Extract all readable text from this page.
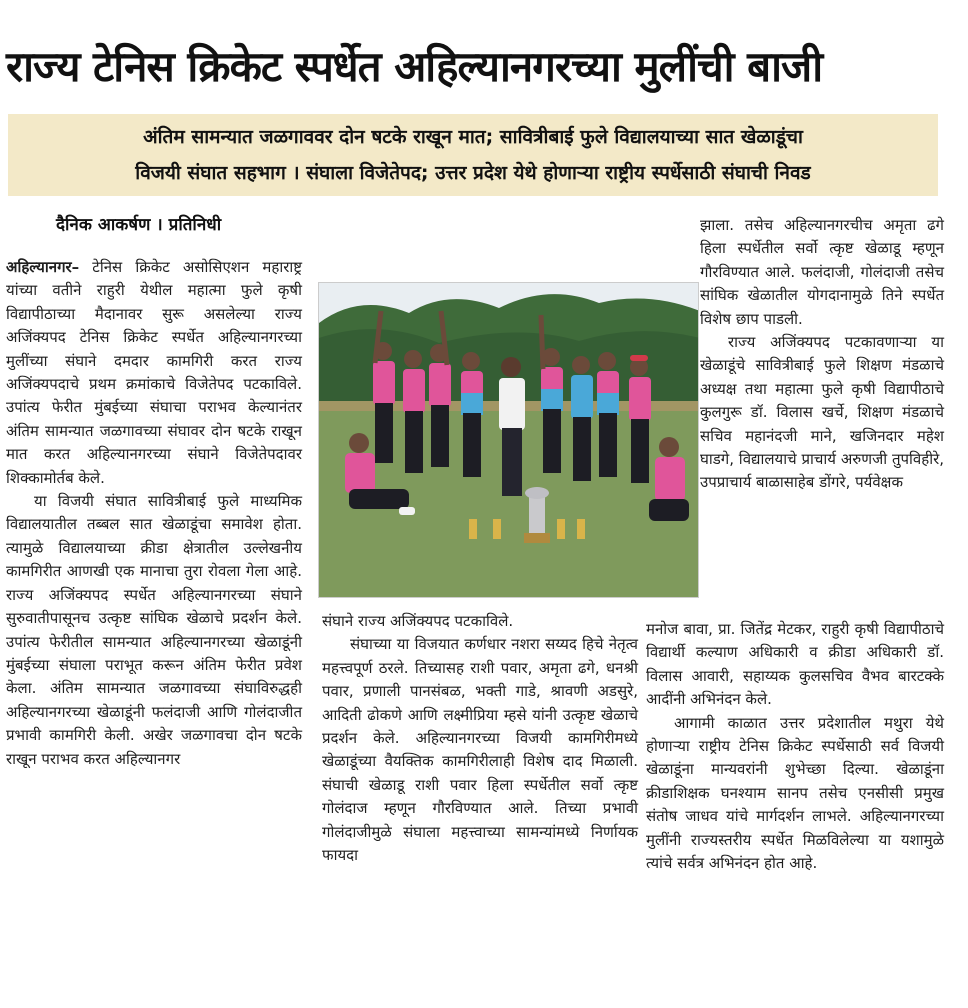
राज्य टेनिस क्रिकेट स्पर्धेत अहिल्यानगरच्या मुलींची बाजी
अंतिम सामन्यात जळगाववर दोन षटके राखून मात; सावित्रीबाई फुले विद्यालयाच्या सात खेळाडूंचा
विजयी संघात सहभाग । संघाला विजेतेपद; उत्तर प्रदेश येथे होणाऱ्या राष्ट्रीय स्पर्धेसाठी संघाची निवड
दैनिक आकर्षण । प्रतिनिधी

अहिल्यानगर– टेनिस क्रिकेट असोसिएशन महाराष्ट्र यांच्या वतीने राहुरी येथील महात्मा फुले कृषी विद्यापीठाच्या मैदानावर सुरू असलेल्या राज्य अजिंक्यपद टेनिस क्रिकेट स्पर्धेत अहिल्यानगरच्या मुलींच्या संघाने दमदार कामगिरी करत राज्य अजिंक्यपदाचे प्रथम क्रमांकाचे विजेतेपद पटकाविले. उपांत्य फेरीत मुंबईच्या संघाचा पराभव केल्यानंतर अंतिम सामन्यात जळगावच्या संघावर दोन षटके राखून मात करत अहिल्यानगरच्या संघाने विजेतेपदावर शिक्कामोर्तब केले.

या विजयी संघात सावित्रीबाई फुले माध्यमिक विद्यालयातील तब्बल सात खेळाडूंचा समावेश होता. त्यामुळे विद्यालयाच्या क्रीडा क्षेत्रातील उल्लेखनीय कामगिरीत आणखी एक मानाचा तुरा रोवला गेला आहे. राज्य अजिंक्यपद स्पर्धेत अहिल्यानगरच्या संघाने सुरुवातीपासूनच उत्कृष्ट सांघिक खेळाचे प्रदर्शन केले. उपांत्य फेरीतील सामन्यात अहिल्यानगरच्या खेळाडूंनी मुंबईच्या संघाला पराभूत करून अंतिम फेरीत प्रवेश केला. अंतिम सामन्यात जळगावच्या संघाविरुद्धही अहिल्यानगरच्या खेळाडूंनी फलंदाजी आणि गोलंदाजीत प्रभावी कामगिरी केली. अखेर जळगावचा दोन षटके राखून पराभव करत अहिल्यानगर

संघाने राज्य अजिंक्यपद पटकाविले.

संघाच्या या विजयात कर्णधार नशरा सय्यद हिचे नेतृत्व महत्त्वपूर्ण ठरले. तिच्यासह राशी पवार, अमृता ढगे, धनश्री पवार, प्रणाली पानसंबळ, भक्ती गाडे, श्रावणी अडसुरे, आदिती ढोकणे आणि लक्ष्मीप्रिया म्हसे यांनी उत्कृष्ट खेळाचे प्रदर्शन केले. अहिल्यानगरच्या विजयी कामगिरीमध्ये खेळाडूंच्या वैयक्तिक कामगिरीलाही विशेष दाद मिळाली. संघाची खेळाडू राशी पवार हिला स्पर्धेतील सर्वो त्कृष्ट गोलंदाज म्हणून गौरविण्यात आले. तिच्या प्रभावी गोलंदाजीमुळे संघाला महत्त्वाच्या सामन्यांमध्ये निर्णायक फायदा

झाला. तसेच अहिल्यानगरचीच अमृता ढगे हिला स्पर्धेतील सर्वो त्कृष्ट खेळाडू म्हणून गौरविण्यात आले. फलंदाजी, गोलंदाजी तसेच सांघिक खेळातील योगदानामुळे तिने स्पर्धेत विशेष छाप पाडली.

राज्य अजिंक्यपद पटकावणाऱ्या या खेळाडूंचे सावित्रीबाई फुले शिक्षण मंडळाचे अध्यक्ष तथा महात्मा फुले कृषी विद्यापीठाचे कुलगुरू डॉ. विलास खर्चे, शिक्षण मंडळाचे सचिव महानंदजी माने, खजिनदार महेश घाडगे, विद्यालयाचे प्राचार्य अरुणजी तुपविहीरे, उपप्राचार्य बाळासाहेब डोंगरे, पर्यवेक्षक

मनोज बावा, प्रा. जितेंद्र मेटकर, राहुरी कृषी विद्यापीठाचे विद्यार्थी कल्याण अधिकारी व क्रीडा अधिकारी डॉ. विलास आवारी, सहाय्यक कुलसचिव वैभव बारटक्के आदींनी अभिनंदन केले.

आगामी काळात उत्तर प्रदेशातील मथुरा येथे होणाऱ्या राष्ट्रीय टेनिस क्रिकेट स्पर्धेसाठी सर्व विजयी खेळाडूंना मान्यवरांनी शुभेच्छा दिल्या. खेळाडूंना क्रीडाशिक्षक घनश्याम सानप तसेच एनसीसी प्रमुख संतोष जाधव यांचे मार्गदर्शन लाभले. अहिल्यानगरच्या मुलींनी राज्यस्तरीय स्पर्धेत मिळविलेल्या या यशामुळे त्यांचे सर्वत्र अभिनंदन होत आहे.
